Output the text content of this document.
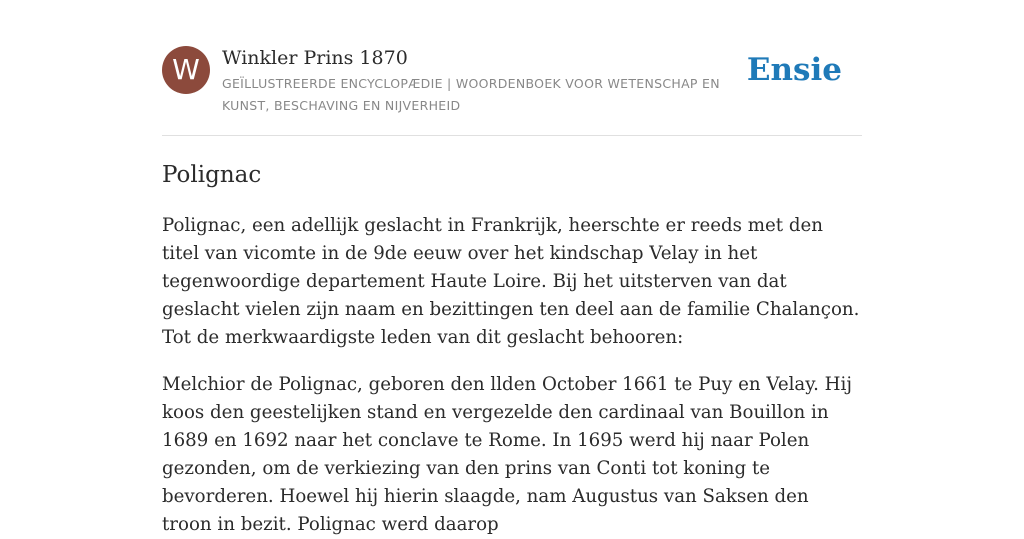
W	Winkler Prins 1870
GEÏLLUSTREERDE ENCYCLOPÆDIE | WOORDENBOEK VOOR WETENSCHAP EN KUNST, BESCHAVING EN NIJVERHEID
Ensie
Polignac

Polignac, een adellijk geslacht in Frankrijk, heerschte er reeds met den titel van vicomte in de 9de eeuw over het kindschap Velay in het tegenwoordige departement Haute Loire. Bij het uitsterven van dat geslacht vielen zijn naam en bezittingen ten deel aan de familie Chalançon. Tot de merkwaardigste leden van dit geslacht behooren:

Melchior de Polignac, geboren den llden October 1661 te Puy en Velay. Hij koos den geestelijken stand en vergezelde den cardinaal van Bouillon in 1689 en 1692 naar het conclave te Rome. In 1695 werd hij naar Polen gezonden, om de verkiezing van den prins van Conti tot koning te bevorderen. Hoewel hij hierin slaagde, nam Augustus van Saksen den troon in bezit. Polignac werd daarop
